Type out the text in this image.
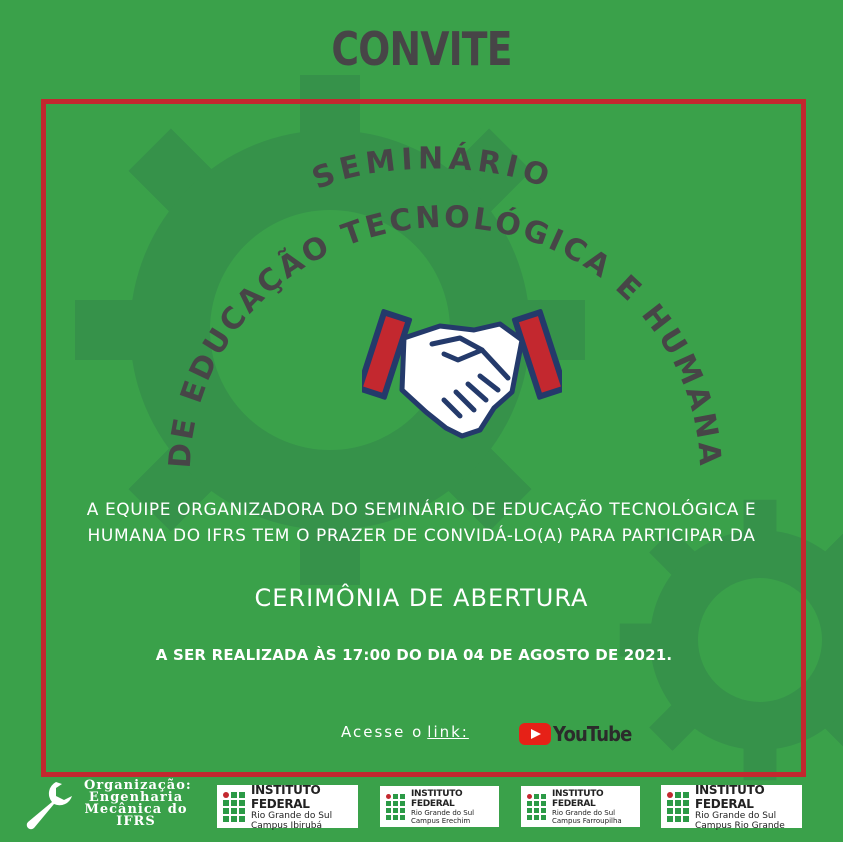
CONVITE
SEMINÁRIO
DE EDUCAÇÃO TECNOLÓGICA E HUMANA

A EQUIPE ORGANIZADORA DO SEMINÁRIO DE EDUCAÇÃO TECNOLÓGICA E
HUMANA DO IFRS TEM O PRAZER DE CONVIDÁ-LO(A) PARA PARTICIPAR DA

CERIMÔNIA DE ABERTURA

A SER REALIZADA ÀS 17:00 DO DIA 04 DE AGOSTO DE 2021.

Acesse o link:	YouTube
Organização:
Engenharia
Mecânica do
IFRS
INSTITUTO FEDERAL
Rio Grande do Sul
Campus Ibirubá
INSTITUTO FEDERAL
Rio Grande do Sul
Campus Erechim
INSTITUTO FEDERAL
Rio Grande do Sul
Campus Farroupilha
INSTITUTO FEDERAL
Rio Grande do Sul
Campus Rio Grande
